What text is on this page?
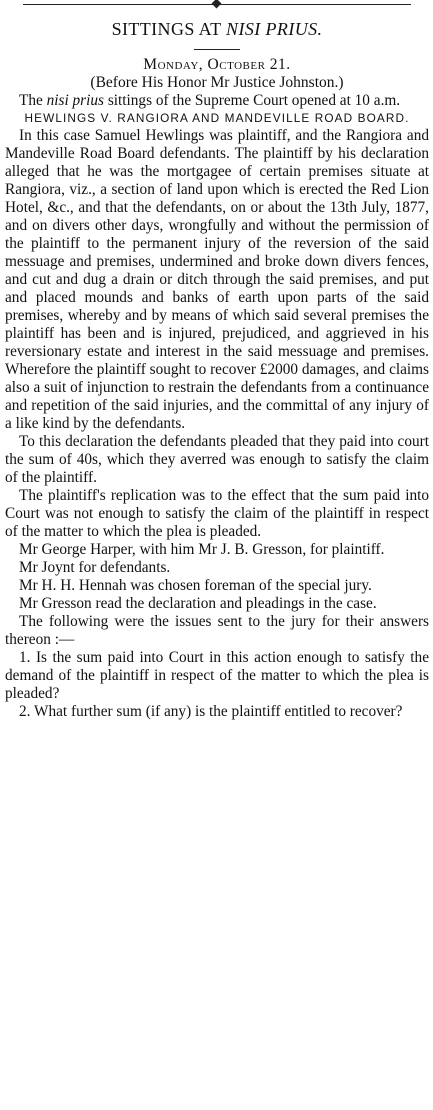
SITTINGS AT NISI PRIUS.
Monday, October 21.
(Before His Honor Mr Justice Johnston.)

The nisi prius sittings of the Supreme Court opened at 10 a.m.

HEWLINGS V. RANGIORA AND MANDEVILLE ROAD BOARD.

In this case Samuel Hewlings was plaintiff, and the Rangiora and Mandeville Road Board defendants. The plaintiff by his declaration alleged that he was the mortgagee of certain premises situate at Rangiora, viz., a section of land upon which is erected the Red Lion Hotel, &c., and that the defendants, on or about the 13th July, 1877, and on divers other days, wrongfully and without the permission of the plaintiff to the permanent injury of the reversion of the said messuage and premises, undermined and broke down divers fences, and cut and dug a drain or ditch through the said premises, and put and placed mounds and banks of earth upon parts of the said premises, whereby and by means of which said several premises the plaintiff has been and is injured, prejudiced, and aggrieved in his reversionary estate and interest in the said messuage and premises. Wherefore the plaintiff sought to recover £2000 damages, and claims also a suit of injunction to restrain the defendants from a continuance and repetition of the said injuries, and the committal of any injury of a like kind by the defendants.

To this declaration the defendants pleaded that they paid into court the sum of 40s, which they averred was enough to satisfy the claim of the plaintiff.

The plaintiff's replication was to the effect that the sum paid into Court was not enough to satisfy the claim of the plaintiff in respect of the matter to which the plea is pleaded.

Mr George Harper, with him Mr J. B. Gresson, for plaintiff.

Mr Joynt for defendants.

Mr H. H. Hennah was chosen foreman of the special jury.

Mr Gresson read the declaration and pleadings in the case.

The following were the issues sent to the jury for their answers thereon :—

1. Is the sum paid into Court in this action enough to satisfy the demand of the plaintiff in respect of the matter to which the plea is pleaded?

2. What further sum (if any) is the plaintiff entitled to recover?
